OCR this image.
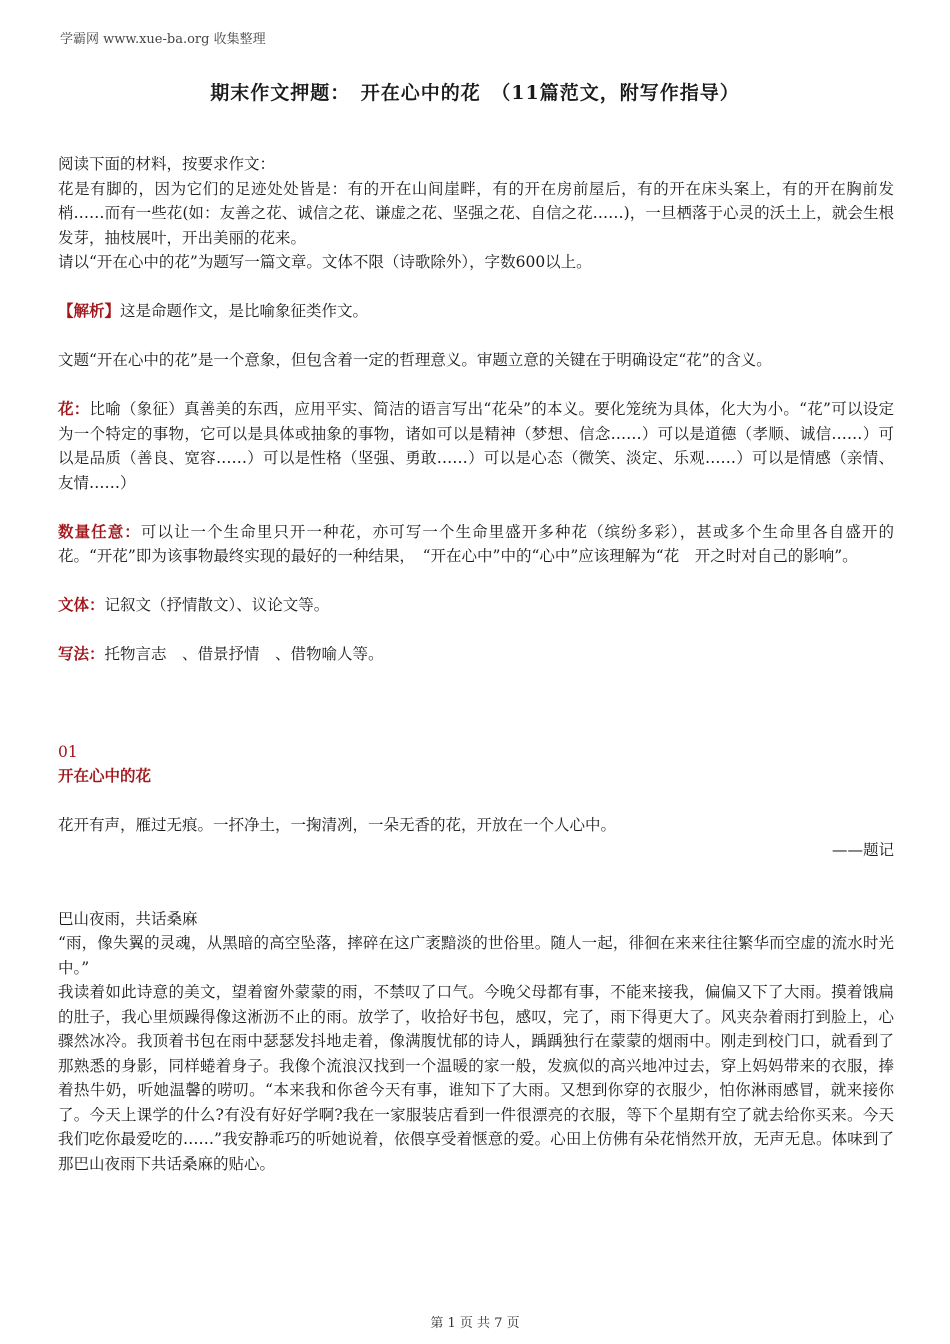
学霸网 www.xue-ba.org 收集整理
期末作文押题：　开在心中的花　（11篇范文，附写作指导）

阅读下面的材料，按要求作文：

花是有脚的，因为它们的足迹处处皆是：有的开在山间崖畔，有的开在房前屋后，有的开在床头案上，有的开在胸前发梢……而有一些花(如：友善之花、诚信之花、谦虚之花、坚强之花、自信之花……)，一旦栖落于心灵的沃土上，就会生根发芽，抽枝展叶，开出美丽的花来。

请以“开在心中的花”为题写一篇文章。文体不限（诗歌除外），字数600以上。

【解析】这是命题作文，是比喻象征类作文。

文题“开在心中的花”是一个意象，但包含着一定的哲理意义。审题立意的关键在于明确设定“花”的含义。

花：比喻（象征）真善美的东西，应用平实、简洁的语言写出“花朵”的本义。要化笼统为具体，化大为小。“花”可以设定为一个特定的事物，它可以是具体或抽象的事物，诸如可以是精神（梦想、信念……）可以是道德（孝顺、诚信……）可以是品质（善良、宽容……）可以是性格（坚强、勇敢……）可以是心态（微笑、淡定、乐观……）可以是情感（亲情、友情……）

数量任意：可以让一个生命里只开一种花，亦可写一个生命里盛开多种花（缤纷多彩），甚或多个生命里各自盛开的花。“开花”即为该事物最终实现的最好的一种结果，　“开在心中”中的“心中”应该理解为“花　开之时对自己的影响”。

文体：记叙文（抒情散文）、议论文等。

写法：托物言志　、借景抒情　、借物喻人等。

01

开在心中的花

花开有声，雁过无痕。一抔净土，一掬清冽，一朵无香的花，开放在一个人心中。

——题记

巴山夜雨，共话桑麻

“雨，像失翼的灵魂，从黑暗的高空坠落，摔碎在这广袤黯淡的世俗里。随人一起，徘徊在来来往往繁华而空虚的流水时光中。”

我读着如此诗意的美文，望着窗外蒙蒙的雨，不禁叹了口气。今晚父母都有事，不能来接我，偏偏又下了大雨。摸着饿扁的肚子，我心里烦躁得像这淅沥不止的雨。放学了，收拾好书包，感叹，完了，雨下得更大了。风夹杂着雨打到脸上，心骤然冰冷。我顶着书包在雨中瑟瑟发抖地走着，像满腹忧郁的诗人，踽踽独行在蒙蒙的烟雨中。刚走到校门口，就看到了那熟悉的身影，同样蜷着身子。我像个流浪汉找到一个温暖的家一般，发疯似的高兴地冲过去，穿上妈妈带来的衣服，捧着热牛奶，听她温馨的唠叨。“本来我和你爸今天有事，谁知下了大雨。又想到你穿的衣服少，怕你淋雨感冒，就来接你了。今天上课学的什么?有没有好好学啊?我在一家服装店看到一件很漂亮的衣服，等下个星期有空了就去给你买来。今天我们吃你最爱吃的……”我安静乖巧的听她说着，依偎享受着惬意的爱。心田上仿佛有朵花悄然开放，无声无息。体味到了那巴山夜雨下共话桑麻的贴心。

第 1 页 共 7 页
